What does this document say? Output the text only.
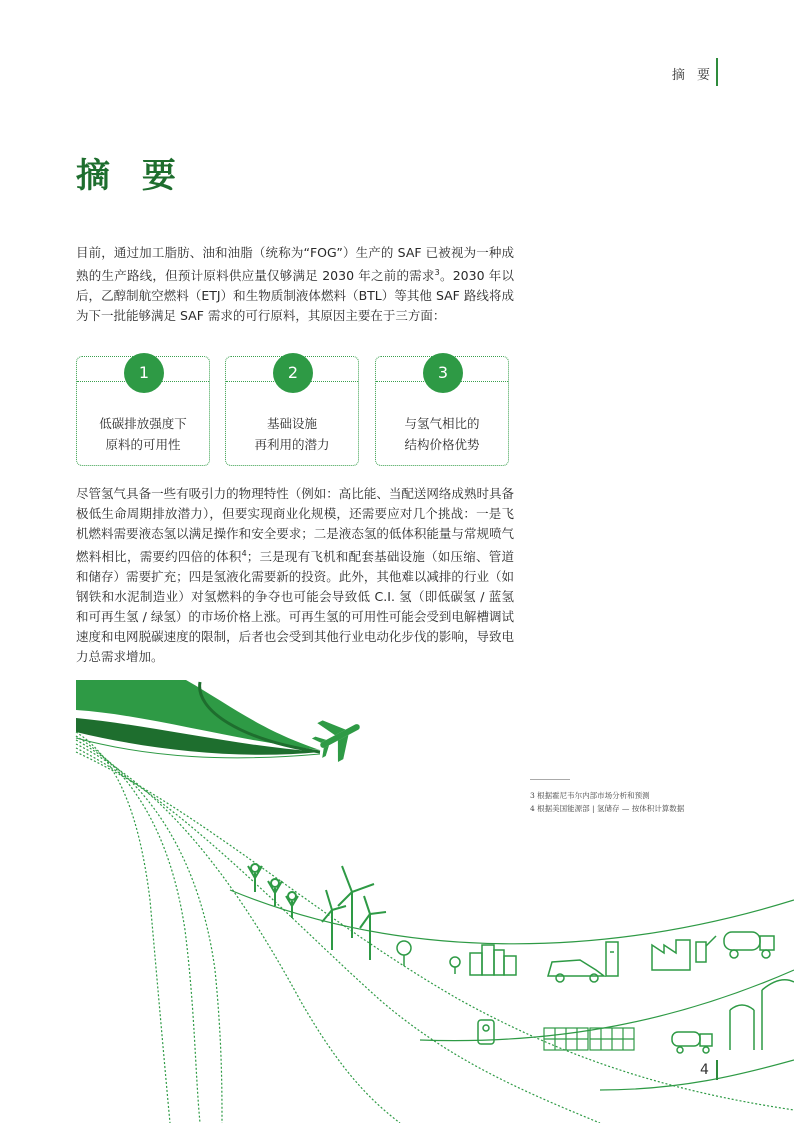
摘 要
摘 要

目前，通过加工脂肪、油和油脂（统称为“FOG”）生产的 SAF 已被视为一种成熟的生产路线，但预计原料供应量仅够满足 2030 年之前的需求$^3$。2030 年以后，乙醇制航空燃料（ETJ）和生物质制液体燃料（BTL）等其他 SAF 路线将成为下一批能够满足 SAF 需求的可行原料，其原因主要在于三方面：

1
低碳排放强度下
原料的可用性
2
基础设施
再利用的潜力
3
与氢气相比的
结构价格优势

尽管氢气具备一些有吸引力的物理特性（例如：高比能、当配送网络成熟时具备极低生命周期排放潜力），但要实现商业化规模，还需要应对几个挑战：一是飞机燃料需要液态氢以满足操作和安全要求；二是液态氢的低体积能量与常规喷气燃料相比，需要约四倍的体积$^4$；三是现有飞机和配套基础设施（如压缩、管道和储存）需要扩充；四是氢液化需要新的投资。此外，其他难以减排的行业（如钢铁和水泥制造业）对氢燃料的争夺也可能会导致低 C.I. 氢（即低碳氢 / 蓝氢和可再生氢 / 绿氢）的市场价格上涨。可再生氢的可用性可能会受到电解槽调试速度和电网脱碳速度的限制，后者也会受到其他行业电动化步伐的影响，导致电力总需求增加。

3 根据霍尼韦尔内部市场分析和预测
4 根据美国能源部 | 氢储存 — 按体积计算数据
4
